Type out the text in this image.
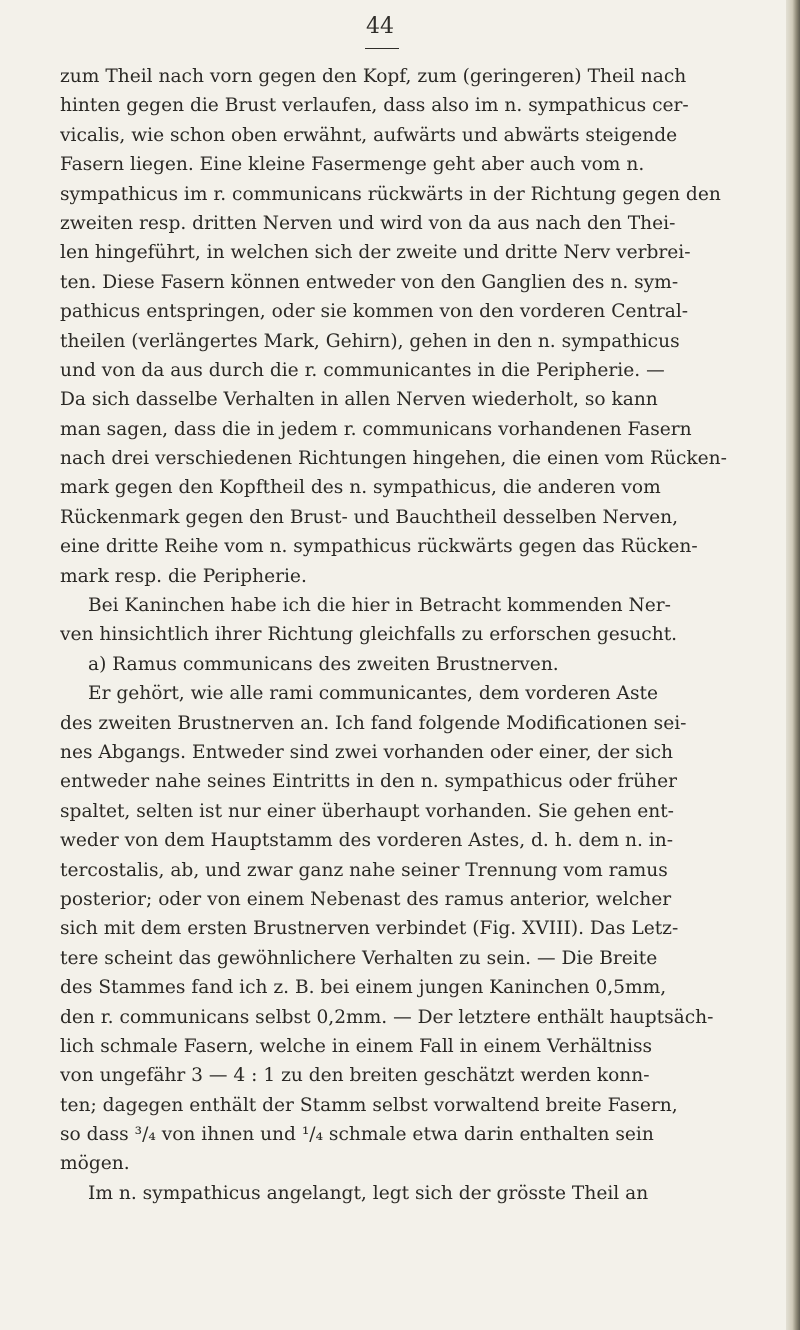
44
zum Theil nach vorn gegen den Kopf, zum (geringeren) Theil nach
hinten gegen die Brust verlaufen, dass also im n. sympathicus cer-
vicalis, wie schon oben erwähnt, aufwärts und abwärts steigende
Fasern liegen. Eine kleine Fasermenge geht aber auch vom n.
sympathicus im r. communicans rückwärts in der Richtung gegen den
zweiten resp. dritten Nerven und wird von da aus nach den Thei-
len hingeführt, in welchen sich der zweite und dritte Nerv verbrei-
ten. Diese Fasern können entweder von den Ganglien des n. sym-
pathicus entspringen, oder sie kommen von den vorderen Central-
theilen (verlängertes Mark, Gehirn), gehen in den n. sympathicus
und von da aus durch die r. communicantes in die Peripherie. —
Da sich dasselbe Verhalten in allen Nerven wiederholt, so kann
man sagen, dass die in jedem r. communicans vorhandenen Fasern
nach drei verschiedenen Richtungen hingehen, die einen vom Rücken-
mark gegen den Kopftheil des n. sympathicus, die anderen vom
Rückenmark gegen den Brust- und Bauchtheil desselben Nerven,
eine dritte Reihe vom n. sympathicus rückwärts gegen das Rücken-
mark resp. die Peripherie.
Bei Kaninchen habe ich die hier in Betracht kommenden Ner-
ven hinsichtlich ihrer Richtung gleichfalls zu erforschen gesucht.
a) Ramus communicans des zweiten Brustnerven.
Er gehört, wie alle rami communicantes, dem vorderen Aste
des zweiten Brustnerven an. Ich fand folgende Modificationen sei-
nes Abgangs. Entweder sind zwei vorhanden oder einer, der sich
entweder nahe seines Eintritts in den n. sympathicus oder früher
spaltet, selten ist nur einer überhaupt vorhanden. Sie gehen ent-
weder von dem Hauptstamm des vorderen Astes, d. h. dem n. in-
tercostalis, ab, und zwar ganz nahe seiner Trennung vom ramus
posterior; oder von einem Nebenast des ramus anterior, welcher
sich mit dem ersten Brustnerven verbindet (Fig. XVIII). Das Letz-
tere scheint das gewöhnlichere Verhalten zu sein. — Die Breite
des Stammes fand ich z. B. bei einem jungen Kaninchen 0,5mm,
den r. communicans selbst 0,2mm. — Der letztere enthält hauptsäch-
lich schmale Fasern, welche in einem Fall in einem Verhältniss
von ungefähr 3 — 4 : 1 zu den breiten geschätzt werden konn-
ten; dagegen enthält der Stamm selbst vorwaltend breite Fasern,
so dass ³/₄ von ihnen und ¹/₄ schmale etwa darin enthalten sein
mögen.
Im n. sympathicus angelangt, legt sich der grösste Theil an
